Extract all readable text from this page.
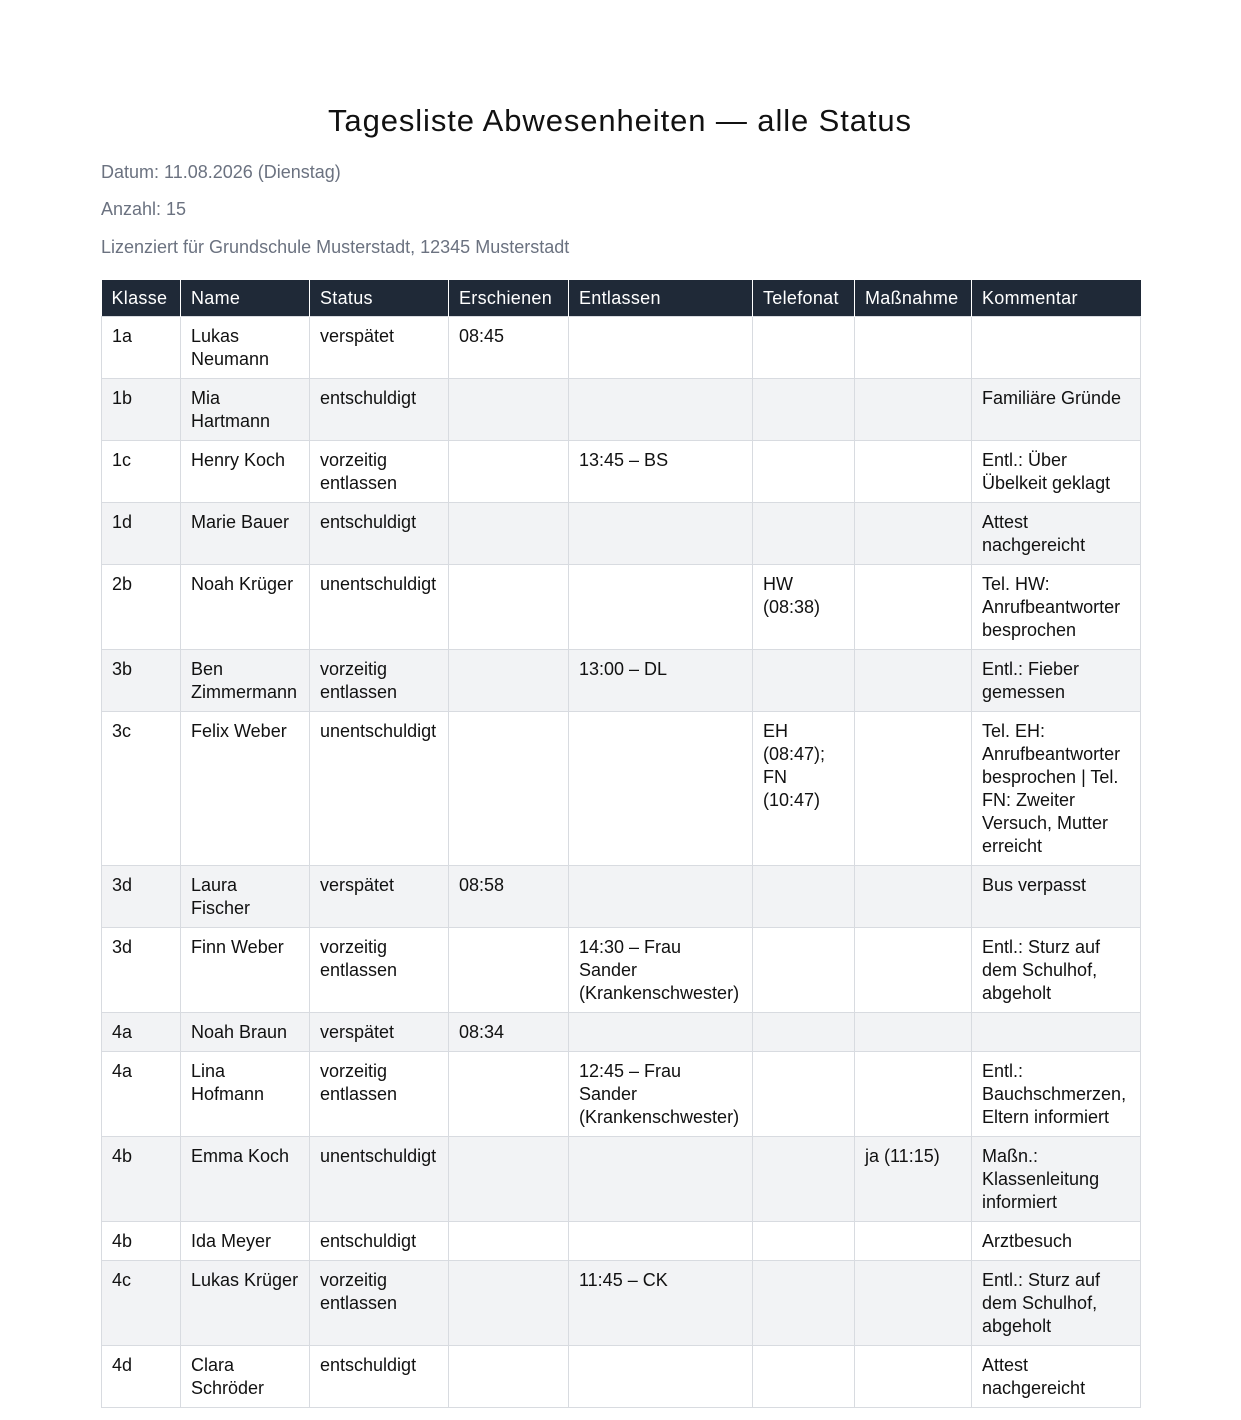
Tagesliste Abwesenheiten — alle Status
Datum: 11.08.2026 (Dienstag)
Anzahl: 15
Lizenziert für Grundschule Musterstadt, 12345 Musterstadt
Klasse	Name	Status	Erschienen	Entlassen	Telefonat	Maßnahme	Kommentar
1a	Lukas Neumann	verspätet	08:45				
1b	Mia Hartmann	entschuldigt					Familiäre Gründe
1c	Henry Koch	vorzeitig entlassen		13:45 – BS			Entl.: Über Übelkeit geklagt
1d	Marie Bauer	entschuldigt					Attest nachgereicht
2b	Noah Krüger	unentschuldigt			HW (08:38)		Tel. HW: Anrufbeantworter besprochen
3b	Ben Zimmermann	vorzeitig entlassen		13:00 – DL			Entl.: Fieber gemessen
3c	Felix Weber	unentschuldigt			EH (08:47); FN (10:47)		Tel. EH: Anrufbeantworter besprochen | Tel. FN: Zweiter Versuch, Mutter erreicht
3d	Laura Fischer	verspätet	08:58				Bus verpasst
3d	Finn Weber	vorzeitig entlassen		14:30 – Frau Sander (Krankenschwester)			Entl.: Sturz auf dem Schulhof, abgeholt
4a	Noah Braun	verspätet	08:34				
4a	Lina Hofmann	vorzeitig entlassen		12:45 – Frau Sander (Krankenschwester)			Entl.: Bauchschmerzen, Eltern informiert
4b	Emma Koch	unentschuldigt				ja (11:15)	Maßn.: Klassenleitung informiert
4b	Ida Meyer	entschuldigt					Arztbesuch
4c	Lukas Krüger	vorzeitig entlassen		11:45 – CK			Entl.: Sturz auf dem Schulhof, abgeholt
4d	Clara Schröder	entschuldigt					Attest nachgereicht
